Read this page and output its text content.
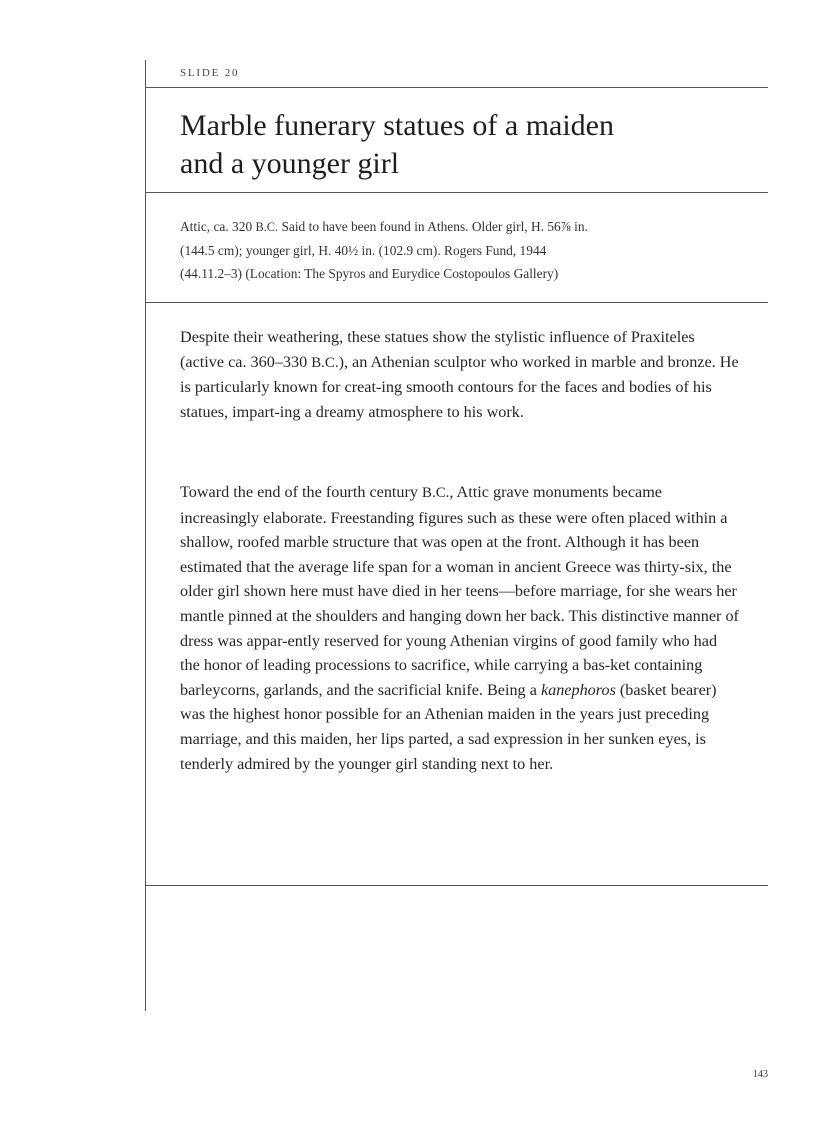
SLIDE 20
Marble funerary statues of a maiden
and a younger girl
Attic, ca. 320 B.C. Said to have been found in Athens. Older girl, H. 56⅞ in.
(144.5 cm); younger girl, H. 40½ in. (102.9 cm). Rogers Fund, 1944
(44.11.2–3) (Location: The Spyros and Eurydice Costopoulos Gallery)

Despite their weathering, these statues show the stylistic influence of Praxiteles (active ca. 360–330 B.C.), an Athenian sculptor who worked in marble and bronze. He is particularly known for creat-ing smooth contours for the faces and bodies of his statues, impart-ing a dreamy atmosphere to his work.

Toward the end of the fourth century B.C., Attic grave monuments became increasingly elaborate. Freestanding figures such as these were often placed within a shallow, roofed marble structure that was open at the front. Although it has been estimated that the average life span for a woman in ancient Greece was thirty-six, the older girl shown here must have died in her teens—before marriage, for she wears her mantle pinned at the shoulders and hanging down her back. This distinctive manner of dress was appar-ently reserved for young Athenian virgins of good family who had the honor of leading processions to sacrifice, while carrying a bas-ket containing barleycorns, garlands, and the sacrificial knife. Being a kanephoros (basket bearer) was the highest honor possible for an Athenian maiden in the years just preceding marriage, and this maiden, her lips parted, a sad expression in her sunken eyes, is tenderly admired by the younger girl standing next to her.

143
